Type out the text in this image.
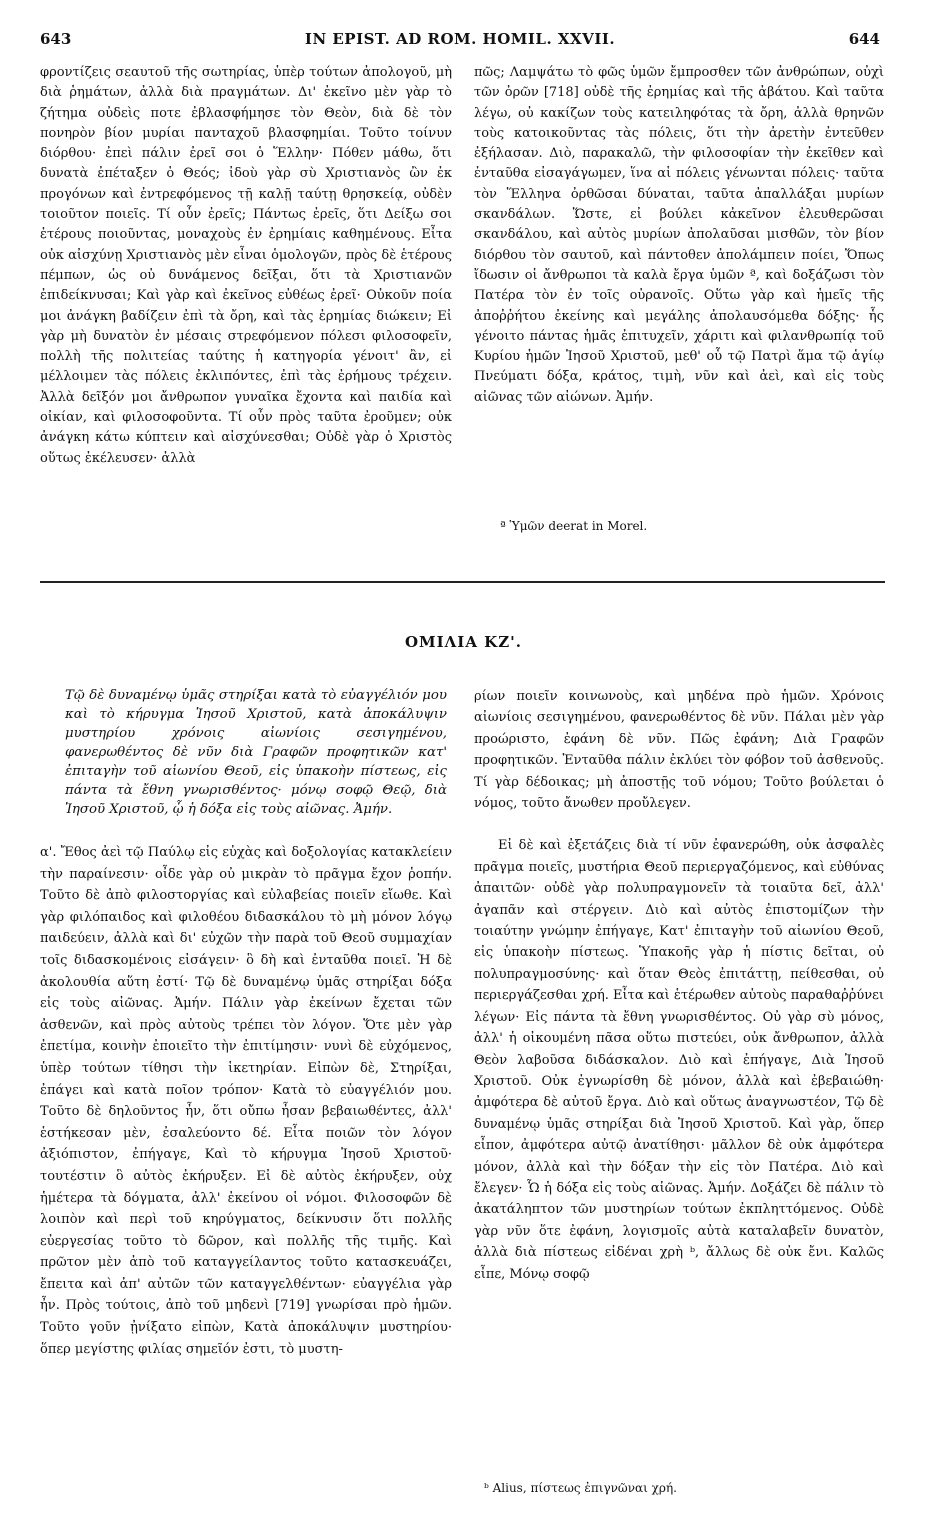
643	IN EPIST. AD ROM. HOMIL. XXVII.	644

φροντίζεις σεαυτοῦ τῆς σωτηρίας, ὑπὲρ τούτων ἀπολογοῦ, μὴ διὰ ῥημάτων, ἀλλὰ διὰ πραγμάτων. Δι' ἐκεῖνο μὲν γὰρ τὸ ζήτημα οὐδεὶς ποτε ἐβλασφήμησε τὸν Θεὸν, διὰ δὲ τὸν πονηρὸν βίον μυρίαι πανταχοῦ βλασφημίαι. Τοῦτο τοίνυν διόρθου· ἐπεὶ πάλιν ἐρεῖ σοι ὁ Ἕλλην· Πόθεν μάθω, ὅτι δυνατὰ ἐπέταξεν ὁ Θεός; ἰδοὺ γὰρ σὺ Χριστιανὸς ὢν ἐκ προγόνων καὶ ἐντρεφόμενος τῇ καλῇ ταύτῃ θρησκείᾳ, οὐδὲν τοιοῦτον ποιεῖς. Τί οὖν ἐρεῖς; Πάντως ἐρεῖς, ὅτι Δείξω σοι ἑτέρους ποιοῦντας, μοναχοὺς ἐν ἐρημίαις καθημένους. Εἶτα οὐκ αἰσχύνῃ Χριστιανὸς μὲν εἶναι ὁμολογῶν, πρὸς δὲ ἑτέρους πέμπων, ὡς οὐ δυνάμενος δεῖξαι, ὅτι τὰ Χριστιανῶν ἐπιδείκνυσαι; Καὶ γὰρ καὶ ἐκεῖνος εὐθέως ἐρεῖ· Οὐκοῦν ποία μοι ἀνάγκη βαδίζειν ἐπὶ τὰ ὄρη, καὶ τὰς ἐρημίας διώκειν; Εἰ γὰρ μὴ δυνατὸν ἐν μέσαις στρεφόμενον πόλεσι φιλοσοφεῖν, πολλὴ τῆς πολιτείας ταύτης ἡ κατηγορία γένοιτ' ἂν, εἰ μέλλοιμεν τὰς πόλεις ἐκλιπόντες, ἐπὶ τὰς ἐρήμους τρέχειν. Ἀλλὰ δεῖξόν μοι ἄνθρωπον γυναῖκα ἔχοντα καὶ παιδία καὶ οἰκίαν, καὶ φιλοσοφοῦντα. Τί οὖν πρὸς ταῦτα ἐροῦμεν; οὐκ ἀνάγκη κάτω κύπτειν καὶ αἰσχύνεσθαι; Οὐδὲ γὰρ ὁ Χριστὸς οὕτως ἐκέλευσεν· ἀλλὰ

πῶς; Λαμψάτω τὸ φῶς ὑμῶν ἔμπροσθεν τῶν ἀνθρώπων, οὐχὶ τῶν ὀρῶν [718] οὐδὲ τῆς ἐρημίας καὶ τῆς ἀβάτου. Καὶ ταῦτα λέγω, οὐ κακίζων τοὺς κατειληφότας τὰ ὄρη, ἀλλὰ θρηνῶν τοὺς κατοικοῦντας τὰς πόλεις, ὅτι τὴν ἀρετὴν ἐντεῦθεν ἐξήλασαν. Διὸ, παρακαλῶ, τὴν φιλοσοφίαν τὴν ἐκεῖθεν καὶ ἐνταῦθα εἰσαγάγωμεν, ἵνα αἱ πόλεις γένωνται πόλεις· ταῦτα τὸν Ἕλληνα ὀρθῶσαι δύναται, ταῦτα ἀπαλλάξαι μυρίων σκανδάλων. Ὥστε, εἰ βούλει κἀκεῖνον ἐλευθερῶσαι σκανδάλου, καὶ αὐτὸς μυρίων ἀπολαῦσαι μισθῶν, τὸν βίον διόρθου τὸν σαυτοῦ, καὶ πάντοθεν ἀπολάμπειν ποίει, Ὅπως ἴδωσιν οἱ ἄνθρωποι τὰ καλὰ ἔργα ὑμῶν ª, καὶ δοξάζωσι τὸν Πατέρα τὸν ἐν τοῖς οὐρανοῖς. Οὕτω γὰρ καὶ ἡμεῖς τῆς ἀποῤῥήτου ἐκείνης καὶ μεγάλης ἀπολαυσόμεθα δόξης· ἧς γένοιτο πάντας ἡμᾶς ἐπιτυχεῖν, χάριτι καὶ φιλανθρωπίᾳ τοῦ Κυρίου ἡμῶν Ἰησοῦ Χριστοῦ, μεθ' οὗ τῷ Πατρὶ ἅμα τῷ ἁγίῳ Πνεύματι δόξα, κράτος, τιμὴ, νῦν καὶ ἀεὶ, καὶ εἰς τοὺς αἰῶνας τῶν αἰώνων. Ἀμήν.

ª Ὑμῶν deerat in Morel.
ΟΜΙΛΙΑ ΚΖ'.
Τῷ δὲ δυναμένῳ ὑμᾶς στηρίξαι κατὰ τὸ εὐαγγέλιόν μου καὶ τὸ κήρυγμα Ἰησοῦ Χριστοῦ, κατὰ ἀποκάλυψιν μυστηρίου χρόνοις αἰωνίοις σεσιγημένου, φανερωθέντος δὲ νῦν διὰ Γραφῶν προφητικῶν κατ' ἐπιταγὴν τοῦ αἰωνίου Θεοῦ, εἰς ὑπακοὴν πίστεως, εἰς πάντα τὰ ἔθνη γνωρισθέντος· μόνῳ σοφῷ Θεῷ, διὰ Ἰησοῦ Χριστοῦ, ᾧ ἡ δόξα εἰς τοὺς αἰῶνας. Ἀμήν.

α'. Ἔθος ἀεὶ τῷ Παύλῳ εἰς εὐχὰς καὶ δοξολογίας κατακλείειν τὴν παραίνεσιν· οἶδε γὰρ οὐ μικρὰν τὸ πρᾶγμα ἔχον ῥοπήν. Τοῦτο δὲ ἀπὸ φιλοστοργίας καὶ εὐλαβείας ποιεῖν εἴωθε. Καὶ γὰρ φιλόπαιδος καὶ φιλοθέου διδασκάλου τὸ μὴ μόνον λόγῳ παιδεύειν, ἀλλὰ καὶ δι' εὐχῶν τὴν παρὰ τοῦ Θεοῦ συμμαχίαν τοῖς διδασκομένοις εἰσάγειν· ὃ δὴ καὶ ἐνταῦθα ποιεῖ. Ἡ δὲ ἀκολουθία αὕτη ἐστί· Τῷ δὲ δυναμένῳ ὑμᾶς στηρίξαι δόξα εἰς τοὺς αἰῶνας. Ἀμήν. Πάλιν γὰρ ἐκείνων ἔχεται τῶν ἀσθενῶν, καὶ πρὸς αὐτοὺς τρέπει τὸν λόγον. Ὅτε μὲν γὰρ ἐπετίμα, κοινὴν ἐποιεῖτο τὴν ἐπιτίμησιν· νυνὶ δὲ εὐχόμενος, ὑπὲρ τούτων τίθησι τὴν ἱκετηρίαν. Εἰπὼν δὲ, Στηρίξαι, ἐπάγει καὶ κατὰ ποῖον τρόπον· Κατὰ τὸ εὐαγγέλιόν μου. Τοῦτο δὲ δηλοῦντος ἦν, ὅτι οὔπω ἦσαν βεβαιωθέντες, ἀλλ' ἑστήκεσαν μὲν, ἐσαλεύοντο δέ. Εἶτα ποιῶν τὸν λόγον ἀξιόπιστον, ἐπήγαγε, Καὶ τὸ κήρυγμα Ἰησοῦ Χριστοῦ· τουτέστιν ὃ αὐτὸς ἐκήρυξεν. Εἰ δὲ αὐτὸς ἐκήρυξεν, οὐχ ἡμέτερα τὰ δόγματα, ἀλλ' ἐκείνου οἱ νόμοι. Φιλοσοφῶν δὲ λοιπὸν καὶ περὶ τοῦ κηρύγματος, δείκνυσιν ὅτι πολλῆς εὐεργεσίας τοῦτο τὸ δῶρον, καὶ πολλῆς τῆς τιμῆς. Καὶ πρῶτον μὲν ἀπὸ τοῦ καταγγείλαντος τοῦτο κατασκευάζει, ἔπειτα καὶ ἀπ' αὐτῶν τῶν καταγγελθέντων· εὐαγγέλια γὰρ ἦν. Πρὸς τούτοις, ἀπὸ τοῦ μηδενὶ [719] γνωρίσαι πρὸ ἡμῶν. Τοῦτο γοῦν ᾐνίξατο εἰπὼν, Κατὰ ἀποκάλυψιν μυστηρίου· ὅπερ μεγίστης φιλίας σημεῖόν ἐστι, τὸ μυστη-

ρίων ποιεῖν κοινωνοὺς, καὶ μηδένα πρὸ ἡμῶν. Χρόνοις αἰωνίοις σεσιγημένου, φανερωθέντος δὲ νῦν. Πάλαι μὲν γὰρ προώριστο, ἐφάνη δὲ νῦν. Πῶς ἐφάνη; Διὰ Γραφῶν προφητικῶν. Ἐνταῦθα πάλιν ἐκλύει τὸν φόβον τοῦ ἀσθενοῦς. Τί γὰρ δέδοικας; μὴ ἀποστῇς τοῦ νόμου; Τοῦτο βούλεται ὁ νόμος, τοῦτο ἄνωθεν προὔλεγεν.

Εἰ δὲ καὶ ἐξετάζεις διὰ τί νῦν ἐφανερώθη, οὐκ ἀσφαλὲς πρᾶγμα ποιεῖς, μυστήρια Θεοῦ περιεργαζόμενος, καὶ εὐθύνας ἀπαιτῶν· οὐδὲ γὰρ πολυπραγμονεῖν τὰ τοιαῦτα δεῖ, ἀλλ' ἀγαπᾶν καὶ στέργειν. Διὸ καὶ αὐτὸς ἐπιστομίζων τὴν τοιαύτην γνώμην ἐπήγαγε, Κατ' ἐπιταγὴν τοῦ αἰωνίου Θεοῦ, εἰς ὑπακοὴν πίστεως. Ὑπακοῆς γὰρ ἡ πίστις δεῖται, οὐ πολυπραγμοσύνης· καὶ ὅταν Θεὸς ἐπιτάττῃ, πείθεσθαι, οὐ περιεργάζεσθαι χρή. Εἶτα καὶ ἑτέρωθεν αὐτοὺς παραθαῤῥύνει λέγων· Εἰς πάντα τὰ ἔθνη γνωρισθέντος. Οὐ γὰρ σὺ μόνος, ἀλλ' ἡ οἰκουμένη πᾶσα οὕτω πιστεύει, οὐκ ἄνθρωπον, ἀλλὰ Θεὸν λαβοῦσα διδάσκαλον. Διὸ καὶ ἐπήγαγε, Διὰ Ἰησοῦ Χριστοῦ. Οὐκ ἐγνωρίσθη δὲ μόνον, ἀλλὰ καὶ ἐβεβαιώθη· ἀμφότερα δὲ αὐτοῦ ἔργα. Διὸ καὶ οὕτως ἀναγνωστέον, Τῷ δὲ δυναμένῳ ὑμᾶς στηρίξαι διὰ Ἰησοῦ Χριστοῦ. Καὶ γὰρ, ὅπερ εἶπον, ἀμφότερα αὐτῷ ἀνατίθησι· μᾶλλον δὲ οὐκ ἀμφότερα μόνον, ἀλλὰ καὶ τὴν δόξαν τὴν εἰς τὸν Πατέρα. Διὸ καὶ ἔλεγεν· Ὧ ἡ δόξα εἰς τοὺς αἰῶνας. Ἀμήν. Δοξάζει δὲ πάλιν τὸ ἀκατάληπτον τῶν μυστηρίων τούτων ἐκπληττόμενος. Οὐδὲ γὰρ νῦν ὅτε ἐφάνη, λογισμοῖς αὐτὰ καταλαβεῖν δυνατὸν, ἀλλὰ διὰ πίστεως εἰδέναι χρὴ ᵇ, ἄλλως δὲ οὐκ ἔνι. Καλῶς εἶπε, Μόνῳ σοφῷ

ᵇ Alius, πίστεως ἐπιγνῶναι χρή.
